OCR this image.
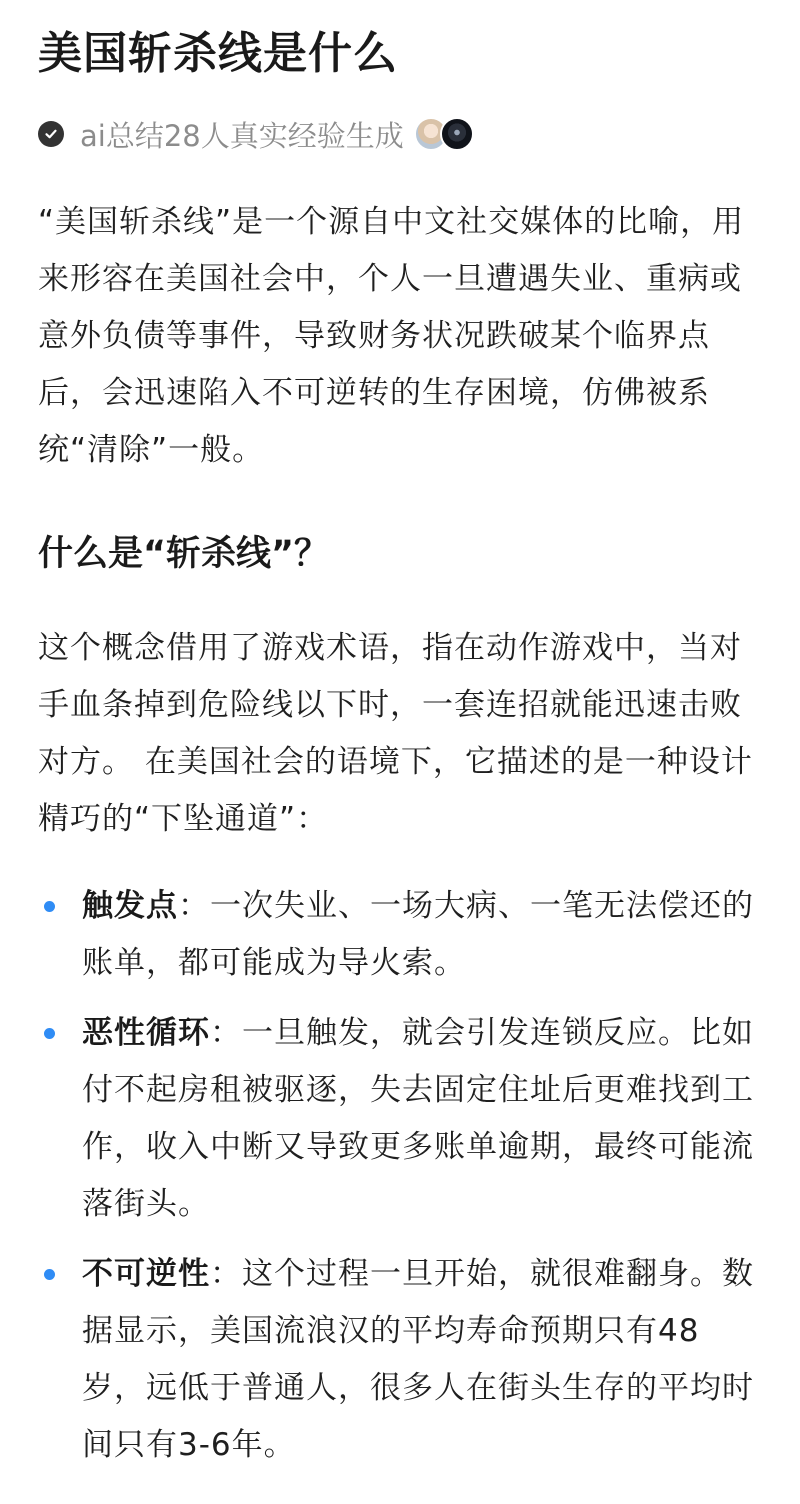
美国斩杀线是什么
ai总结28人真实经验生成

“美国斩杀线”是一个源自中文社交媒体的比喻，用来形容在美国社会中，个人一旦遭遇失业、重病或意外负债等事件，导致财务状况跌破某个临界点后，会迅速陷入不可逆转的生存困境，仿佛被系统“清除”一般。

什么是“斩杀线”？

这个概念借用了游戏术语，指在动作游戏中，当对手血条掉到危险线以下时，一套连招就能迅速击败对方。 在美国社会的语境下，它描述的是一种设计精巧的“下坠通道”：

触发点：一次失业、一场大病、一笔无法偿还的账单，都可能成为导火索。
恶性循环：一旦触发，就会引发连锁反应。比如付不起房租被驱逐，失去固定住址后更难找到工作，收入中断又导致更多账单逾期，最终可能流落街头。
不可逆性：这个过程一旦开始，就很难翻身。数据显示，美国流浪汉的平均寿命预期只有48岁，远低于普通人，很多人在街头生存的平均时间只有3-6年。
